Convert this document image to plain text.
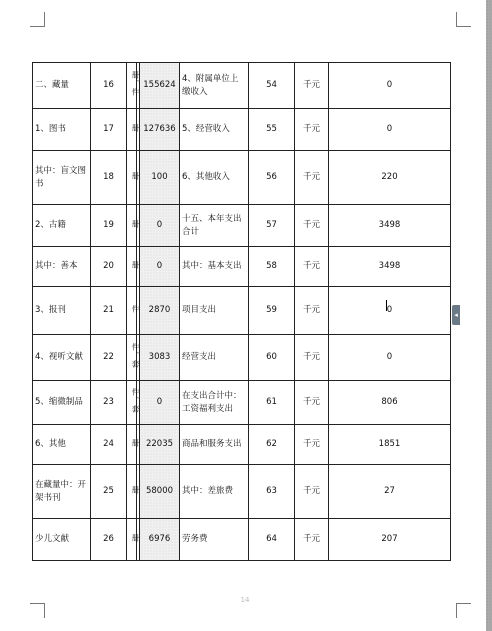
二、藏量	16	册、件		155624	4、附属单位上缴收入	54	千元	0
1、图书	17	册		127636	5、经营收入	55	千元	0
其中：盲文图书	18	册		100	6、其他收入	56	千元	220
2、古籍	19	册		0	十五、本年支出合计	57	千元	3498
其中：善本	20	册		0	其中：基本支出	58	千元	3498
3、报刊	21	件		2870	项目支出	59	千元	0
4、视听文献	22	件、套		3083	经营支出	60	千元	0
5、缩微制品	23	件、套		0	在支出合计中：工资福利支出	61	千元	806
6、其他	24	册		22035	商品和服务支出	62	千元	1851
在藏量中：开架书刊	25	册		58000	其中：差旅费	63	千元	27
少儿文献	26	册		6976	劳务费	64	千元	207
14
◂
